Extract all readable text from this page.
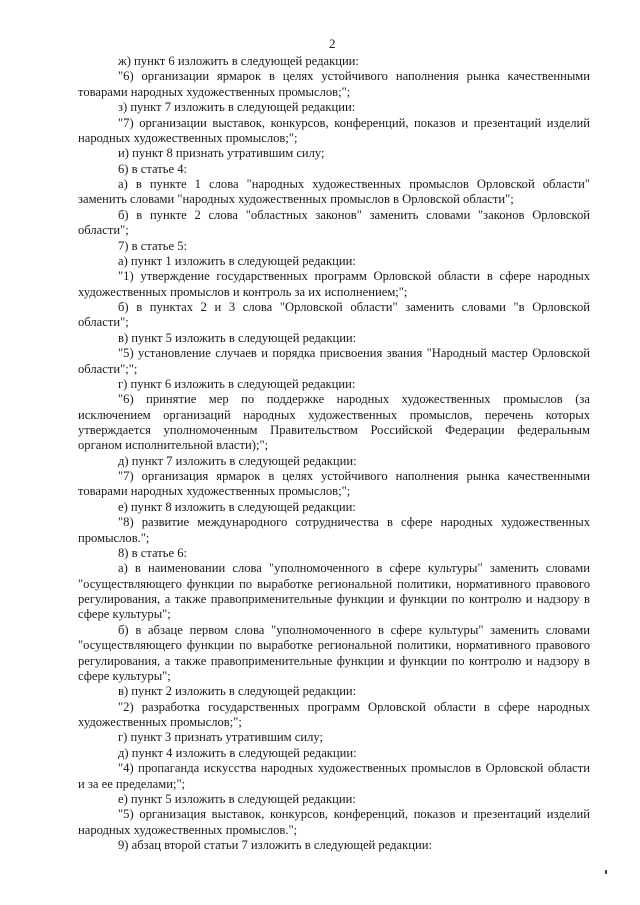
2

ж) пункт 6 изложить в следующей редакции:

"6) организации ярмарок в целях устойчивого наполнения рынка качественными

товарами народных художественных промыслов;";

з) пункт 7 изложить в следующей редакции:

"7) организации выставок, конкурсов, конференций, показов и презентаций изделий

народных художественных промыслов;";

и) пункт 8 признать утратившим силу;

6) в статье 4:

а) в пункте 1 слова "народных художественных промыслов Орловской области"

заменить словами "народных художественных промыслов в Орловской области";

б) в пункте 2 слова "областных законов" заменить словами "законов Орловской

области";

7) в статье 5:

а) пункт 1 изложить в следующей редакции:

"1) утверждение государственных программ Орловской области в сфере народных

художественных промыслов и контроль за их исполнением;";

б) в пунктах 2 и 3 слова "Орловской области" заменить словами "в Орловской

области";

в) пункт 5 изложить в следующей редакции:

"5) установление случаев и порядка присвоения звания "Народный мастер Орловской

области";";

г) пункт 6 изложить в следующей редакции:

"6) принятие мер по поддержке народных художественных промыслов (за

исключением организаций народных художественных промыслов, перечень которых

утверждается уполномоченным Правительством Российской Федерации федеральным

органом исполнительной власти);";

д) пункт 7 изложить в следующей редакции:

"7) организация ярмарок в целях устойчивого наполнения рынка качественными

товарами народных художественных промыслов;";

е) пункт 8 изложить в следующей редакции:

"8) развитие международного сотрудничества в сфере народных художественных

промыслов.";

8) в статье 6:

а) в наименовании слова "уполномоченного в сфере культуры" заменить словами

"осуществляющего функции по выработке региональной политики, нормативного правового

регулирования, а также правоприменительные функции и функции по контролю и надзору в

сфере культуры";

б) в абзаце первом слова "уполномоченного в сфере культуры" заменить словами

"осуществляющего функции по выработке региональной политики, нормативного правового

регулирования, а также правоприменительные функции и функции по контролю и надзору в

сфере культуры";

в) пункт 2 изложить в следующей редакции:

"2) разработка государственных программ Орловской области в сфере народных

художественных промыслов;";

г) пункт 3 признать утратившим силу;

д) пункт 4 изложить в следующей редакции:

"4) пропаганда искусства народных художественных промыслов в Орловской области

и за ее пределами;";

е) пункт 5 изложить в следующей редакции:

"5) организация выставок, конкурсов, конференций, показов и презентаций изделий

народных художественных промыслов.";

9) абзац второй статьи 7 изложить в следующей редакции:
